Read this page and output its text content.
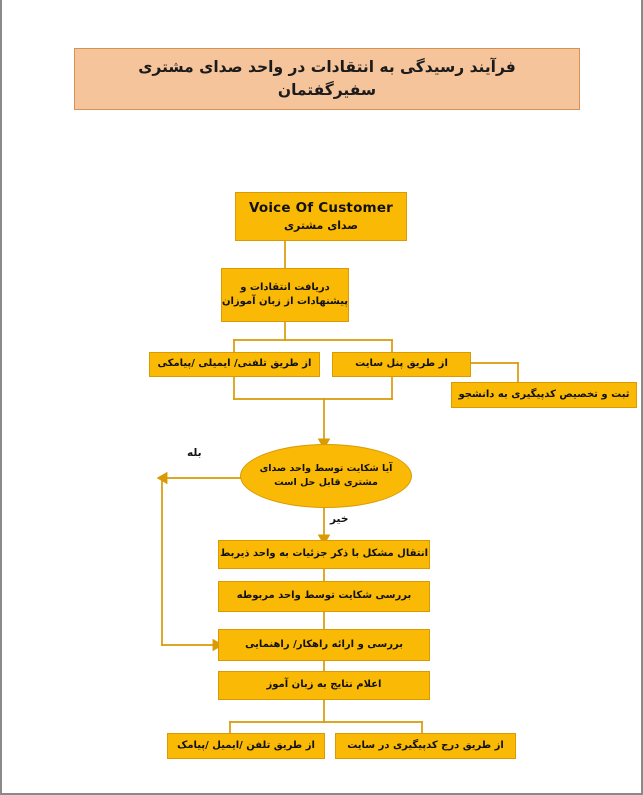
فرآیند رسیدگی به انتقادات در واحد صدای مشتری
سفیرگفتمان
Voice Of Customer
صدای مشتری
دریافت انتقادات و
پیشنهادات از زبان آموزان
از طریق تلفنی/ ایمیلی /پیامکی	از طریق پنل سایت
ثبت و تخصیص کدپیگیری به دانشجو
آیا شکایت توسط واحد صدای
مشتری قابل حل است
بله
خیر
انتقال مشکل با ذکر جزئیات به واحد ذیربط
بررسی شکایت توسط واحد مربوطه
بررسی و ارائه راهکار/ راهنمایی
اعلام نتایج به زبان آموز
از طریق تلفن /ایمیل /پیامک	از طریق درج کدپیگیری در سایت
